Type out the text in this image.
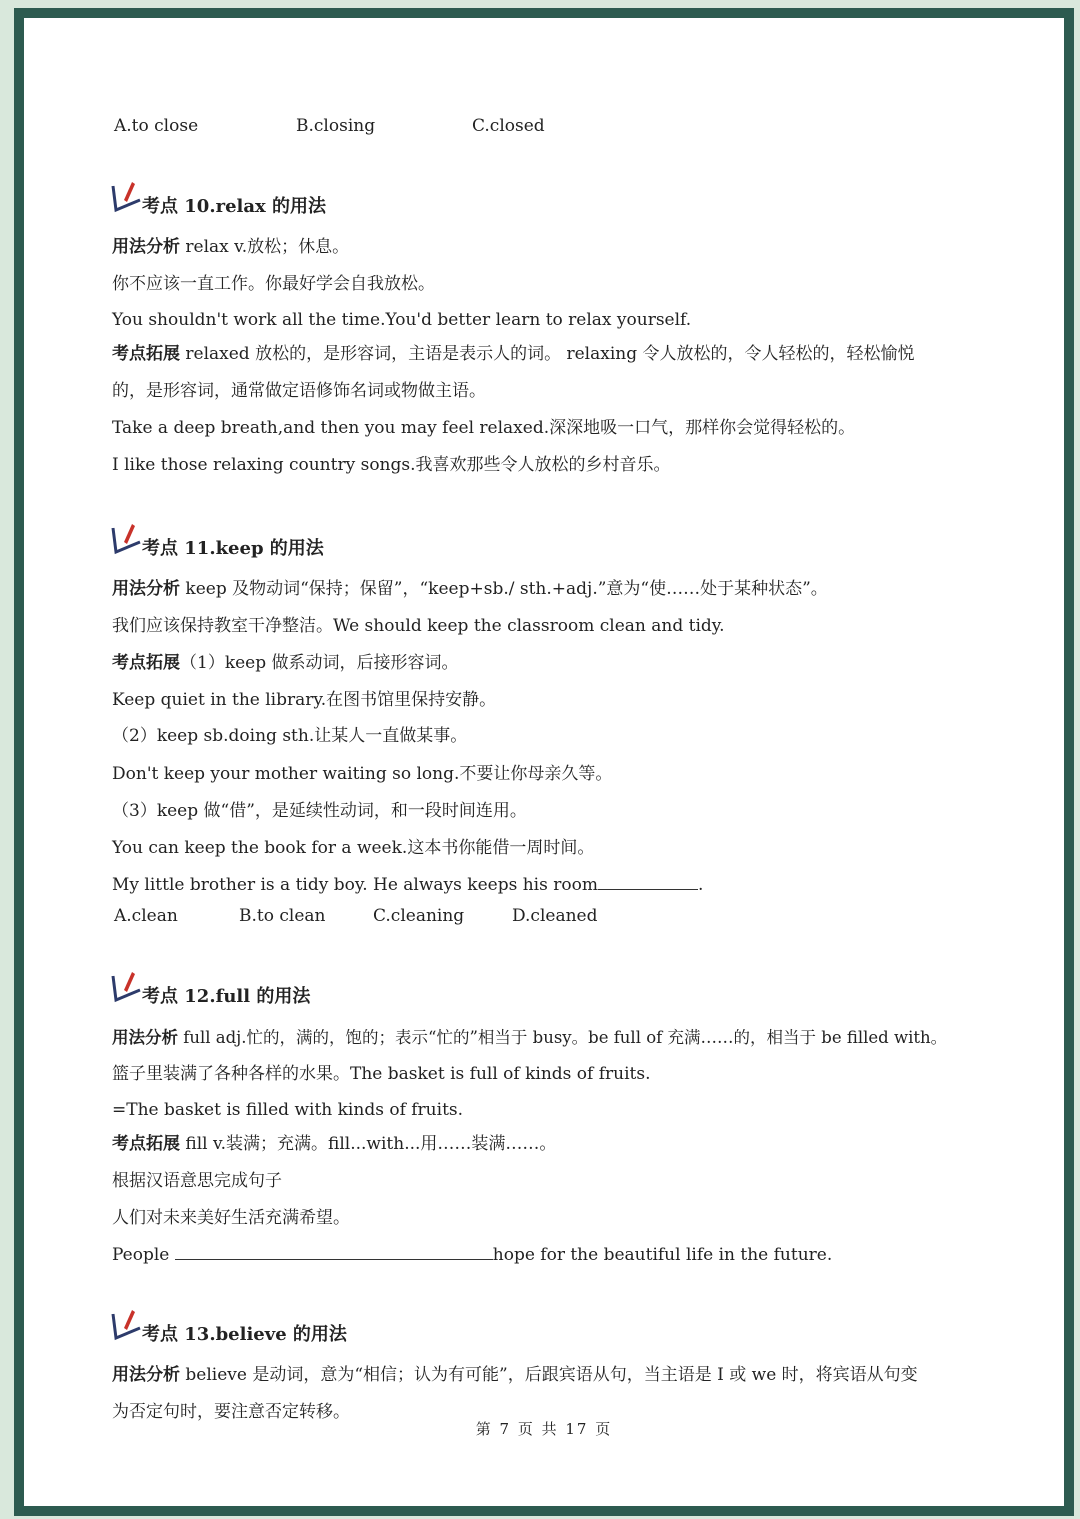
A.to close	B.closing	C.closed
考点 10.relax 的用法
用法分析 relax v.放松；休息。
你不应该一直工作。你最好学会自我放松。
You shouldn't work all the time.You'd better learn to relax yourself.
考点拓展 relaxed 放松的，是形容词，主语是表示人的词。 relaxing 令人放松的，令人轻松的，轻松愉悦
的，是形容词，通常做定语修饰名词或物做主语。
Take a deep breath,and then you may feel relaxed.深深地吸一口气，那样你会觉得轻松的。
I like those relaxing country songs.我喜欢那些令人放松的乡村音乐。
考点 11.keep 的用法
用法分析 keep 及物动词“保持；保留”，“keep+sb./ sth.+adj.”意为“使……处于某种状态”。
我们应该保持教室干净整洁。We should keep the classroom clean and tidy.
考点拓展（1）keep 做系动词，后接形容词。
Keep quiet in the library.在图书馆里保持安静。
（2）keep sb.doing sth.让某人一直做某事。
Don't keep your mother waiting so long.不要让你母亲久等。
（3）keep 做“借”，是延续性动词，和一段时间连用。
You can keep the book for a week.这本书你能借一周时间。
My little brother is a tidy boy. He always keeps his room	.
A.clean	B.to clean	C.cleaning	D.cleaned
考点 12.full 的用法
用法分析 full adj.忙的，满的，饱的；表示“忙的”相当于 busy。be full of 充满……的，相当于 be filled with。
篮子里装满了各种各样的水果。The basket is full of kinds of fruits.
=The basket is filled with kinds of fruits.
考点拓展 fill v.装满；充满。fill...with...用……装满……。
根据汉语意思完成句子
人们对未来美好生活充满希望。
People	hope for the beautiful life in the future.
考点 13.believe 的用法
用法分析 believe 是动词，意为“相信；认为有可能”，后跟宾语从句，当主语是 I 或 we 时，将宾语从句变
为否定句时，要注意否定转移。
第 7 页 共 17 页
